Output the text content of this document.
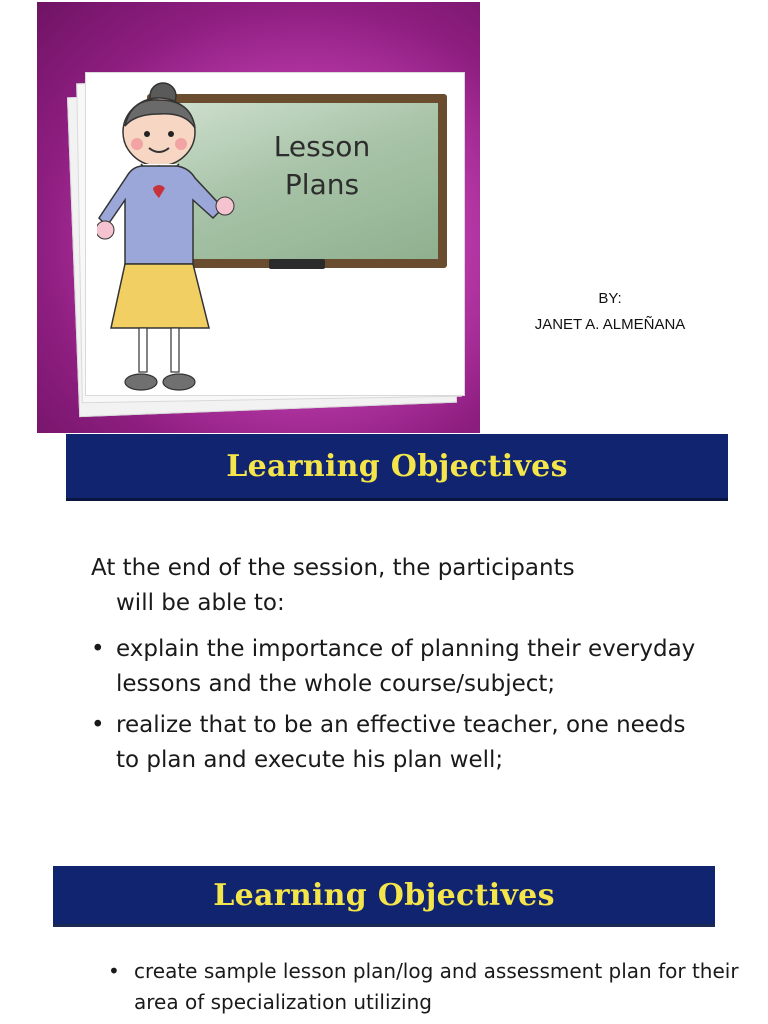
Lesson
Plans
BY:
JANET A. ALMEÑANA
Learning Objectives
At the end of the session, the participants
will be able to:
• explain the importance of planning their everyday lessons and the whole course/subject;
• realize that to be an effective teacher, one needs to plan and execute his plan well;
Learning Objectives
• create sample lesson plan/log and assessment plan for their area of specialization utilizing
